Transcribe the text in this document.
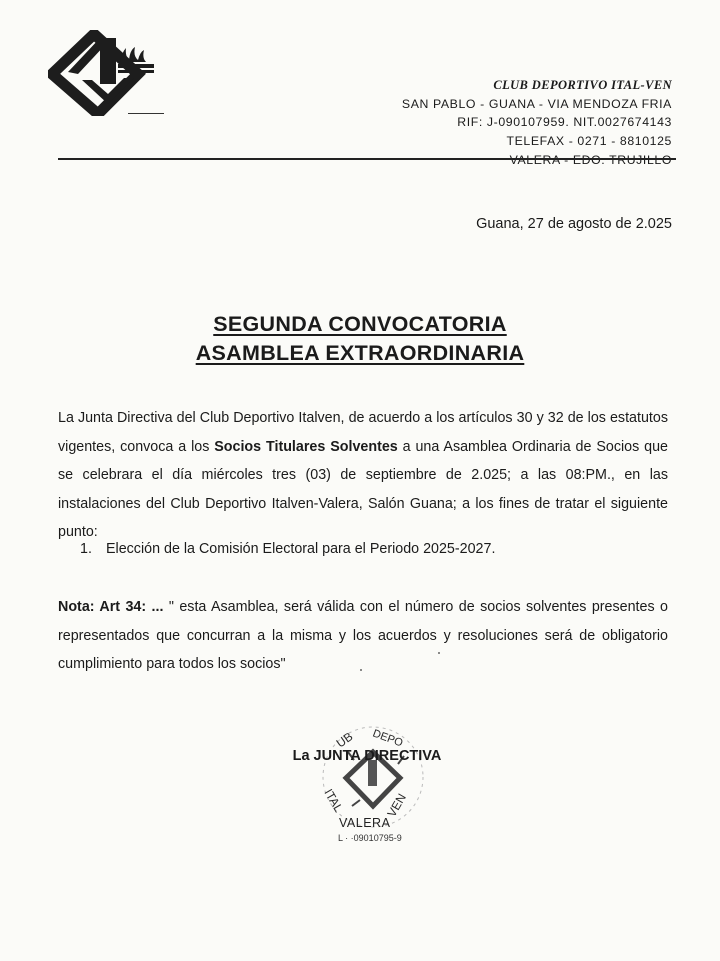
CLUB DEPORTIVO ITAL-VEN
SAN PABLO - GUANA - VIA MENDOZA FRIA
RIF: J-090107959. NIT.0027674143
TELEFAX - 0271 - 8810125
Guana, 27 de agosto de 2.025
SEGUNDA CONVOCATORIA
ASAMBLEA EXTRAORDINARIA
La Junta Directiva del Club Deportivo Italven, de acuerdo a los artículos 30 y 32 de los estatutos vigentes, convoca a los Socios Titulares Solventes a una Asamblea Ordinaria de Socios que se celebrara el día miércoles tres (03) de septiembre de 2.025; a las 08:PM., en las instalaciones del Club Deportivo Italven-Valera, Salón Guana; a los fines de tratar el siguiente punto:
1. Elección de la Comisión Electoral para el Periodo 2025-2027.
Nota: Art 34: ... " esta Asamblea, será válida con el número de socios solventes presentes o representados que concurran a la misma y los acuerdos y resoluciones será de obligatorio cumplimiento para todos los socios"
UB DEPO
ITAL	VEN
La JUNTA DIRECTIVA
VALERA
L · ·09010795-9
